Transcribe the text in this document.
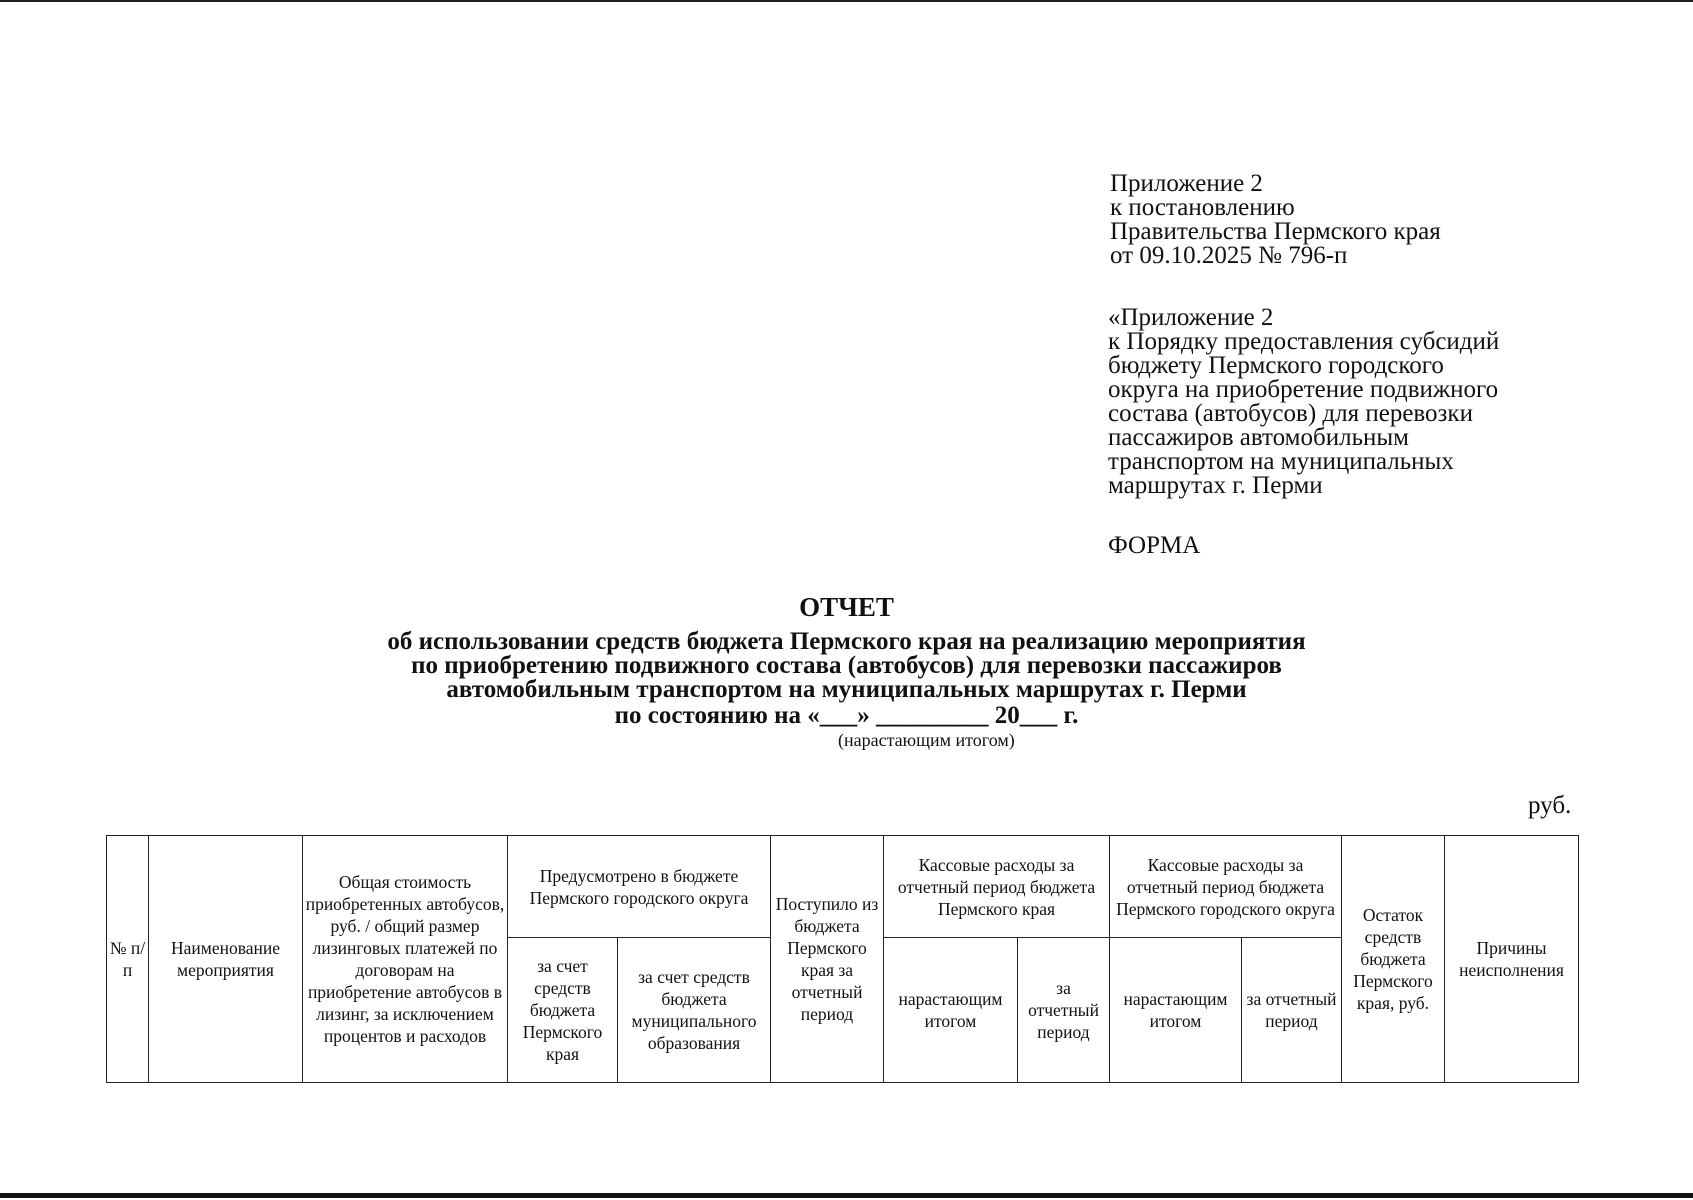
Приложение 2
к постановлению
Правительства Пермского края
от 09.10.2025 № 796-п
«Приложение 2
к Порядку предоставления субсидий
бюджету Пермского городского
округа на приобретение подвижного
состава (автобусов) для перевозки
пассажиров автомобильным
транспортом на муниципальных
маршрутах г. Перми
ФОРМА
ОТЧЕТ
об использовании средств бюджета Пермского края на реализацию мероприятия
по приобретению подвижного состава (автобусов) для перевозки пассажиров
автомобильным транспортом на муниципальных маршрутах г. Перми
по состоянию на «___» _________ 20___ г.
(нарастающим итогом)
руб.
№ п/п	Наименование мероприятия	Общая стоимость приобретенных автобусов, руб. / общий размер лизинговых платежей по договорам на приобретение автобусов в лизинг, за исключением процентов и расходов	Предусмотрено в бюджете Пермского городского округа		Поступило из бюджета Пермского края за отчетный период	Кассовые расходы за отчетный период бюджета Пермского края		Кассовые расходы за отчетный период бюджета Пермского городского округа		Остаток средств бюджета Пермского края, руб.	Причины неисполнения
			за счет средств бюджета Пермского края	за счет средств бюджета муниципального образования		нарастающим итогом	за отчетный период	нарастающим итогом	за отчетный период		
